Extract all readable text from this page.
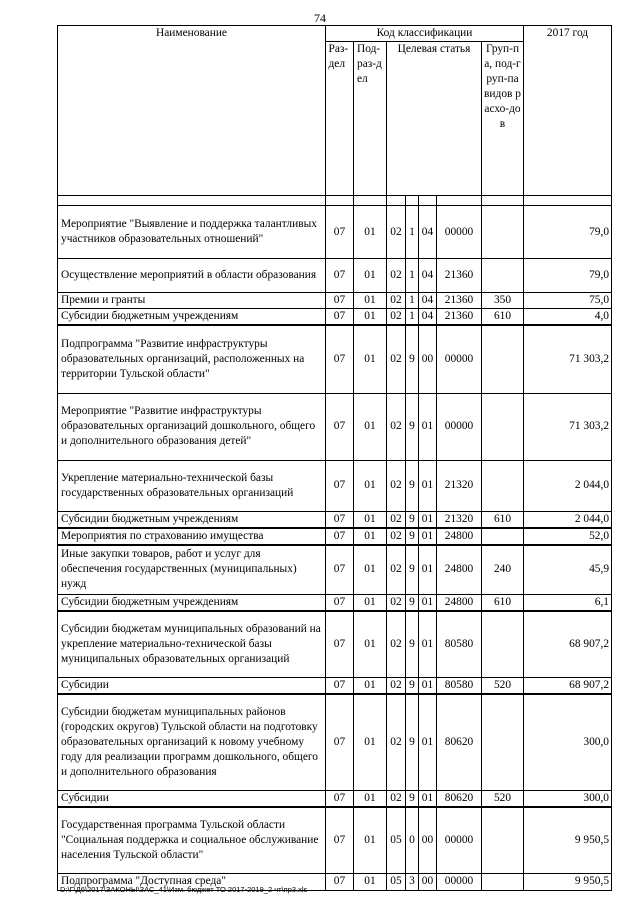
74
Наименование	Код классификации							2017 год

	Раз-дел	Под-раз-дел	Целевая статья				Груп-па, под-груп-па видов расхо-дов	

Мероприятие "Выявление и поддержка талантливых участников образовательных отношений"	07	01	02	1	04	00000		79,0
Осуществление мероприятий в области образования	07	01	02	1	04	21360		79,0
Премии и гранты	07	01	02	1	04	21360	350	75,0
Субсидии бюджетным учреждениям	07	01	02	1	04	21360	610	4,0
Подпрограмма "Развитие инфраструктуры образовательных организаций, расположенных на территории Тульской области"	07	01	02	9	00	00000		71 303,2
Мероприятие "Развитие инфраструктуры образовательных организаций дошкольного, общего и дополнительного образования детей"	07	01	02	9	01	00000		71 303,2
Укрепление материально-технической базы государственных образовательных организаций	07	01	02	9	01	21320		2 044,0
Субсидии бюджетным учреждениям	07	01	02	9	01	21320	610	2 044,0
Мероприятия по страхованию имущества	07	01	02	9	01	24800		52,0
Иные закупки товаров, работ и услуг для обеспечения государственных (муниципальных) нужд	07	01	02	9	01	24800	240	45,9
Субсидии бюджетным учреждениям	07	01	02	9	01	24800	610	6,1
Субсидии бюджетам муниципальных образований на укрепление материально-технической базы муниципальных образовательных организаций	07	01	02	9	01	80580		68 907,2
Субсидии	07	01	02	9	01	80580	520	68 907,2
Субсидии бюджетам муниципальных районов (городских округов) Тульской области на подготовку образовательных организаций к новому учебному году для реализации программ дошкольного, общего и дополнительного образования	07	01	02	9	01	80620		300,0
Субсидии	07	01	02	9	01	80620	520	300,0
Государственная программа Тульской области "Социальная поддержка и социальное обслуживание населения Тульской области"	07	01	05	0	00	00000		9 950,5
Подпрограмма "Доступная среда"	07	01	05	3	00	00000		9 950,5
D:\Г\Д6\2017\ЗАКОНЫ\ЗАС_41\Изм. бюджет ТО 2017-2019_2 чт\пр3.xls
